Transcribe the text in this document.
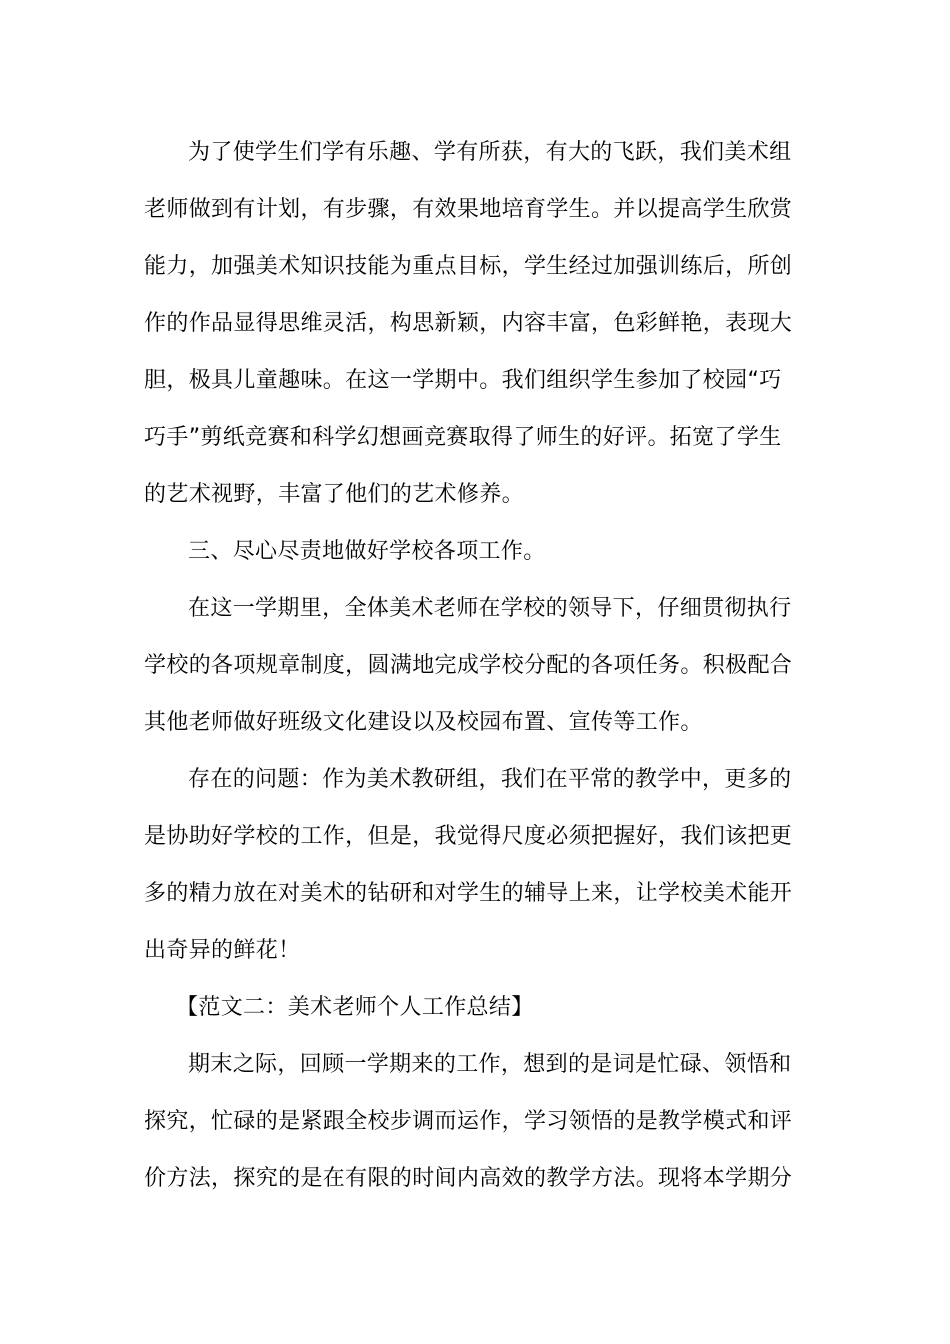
为了使学生们学有乐趣、学有所获，有大的飞跃，我们美术组
老师做到有计划，有步骤，有效果地培育学生。并以提高学生欣赏
能力，加强美术知识技能为重点目标，学生经过加强训练后，所创
作的作品显得思维灵活，构思新颖，内容丰富，色彩鲜艳，表现大
胆，极具儿童趣味。在这一学期中。我们组织学生参加了校园“巧
巧手”剪纸竞赛和科学幻想画竞赛取得了师生的好评。拓宽了学生
的艺术视野，丰富了他们的艺术修养。
三、尽心尽责地做好学校各项工作。
在这一学期里，全体美术老师在学校的领导下，仔细贯彻执行
学校的各项规章制度，圆满地完成学校分配的各项任务。积极配合
其他老师做好班级文化建设以及校园布置、宣传等工作。
存在的问题：作为美术教研组，我们在平常的教学中，更多的
是协助好学校的工作，但是，我觉得尺度必须把握好，我们该把更
多的精力放在对美术的钻研和对学生的辅导上来，让学校美术能开
出奇异的鲜花！
【范文二：美术老师个人工作总结】
期末之际，回顾一学期来的工作，想到的是词是忙碌、领悟和
探究，忙碌的是紧跟全校步调而运作，学习领悟的是教学模式和评
价方法，探究的是在有限的时间内高效的教学方法。现将本学期分
